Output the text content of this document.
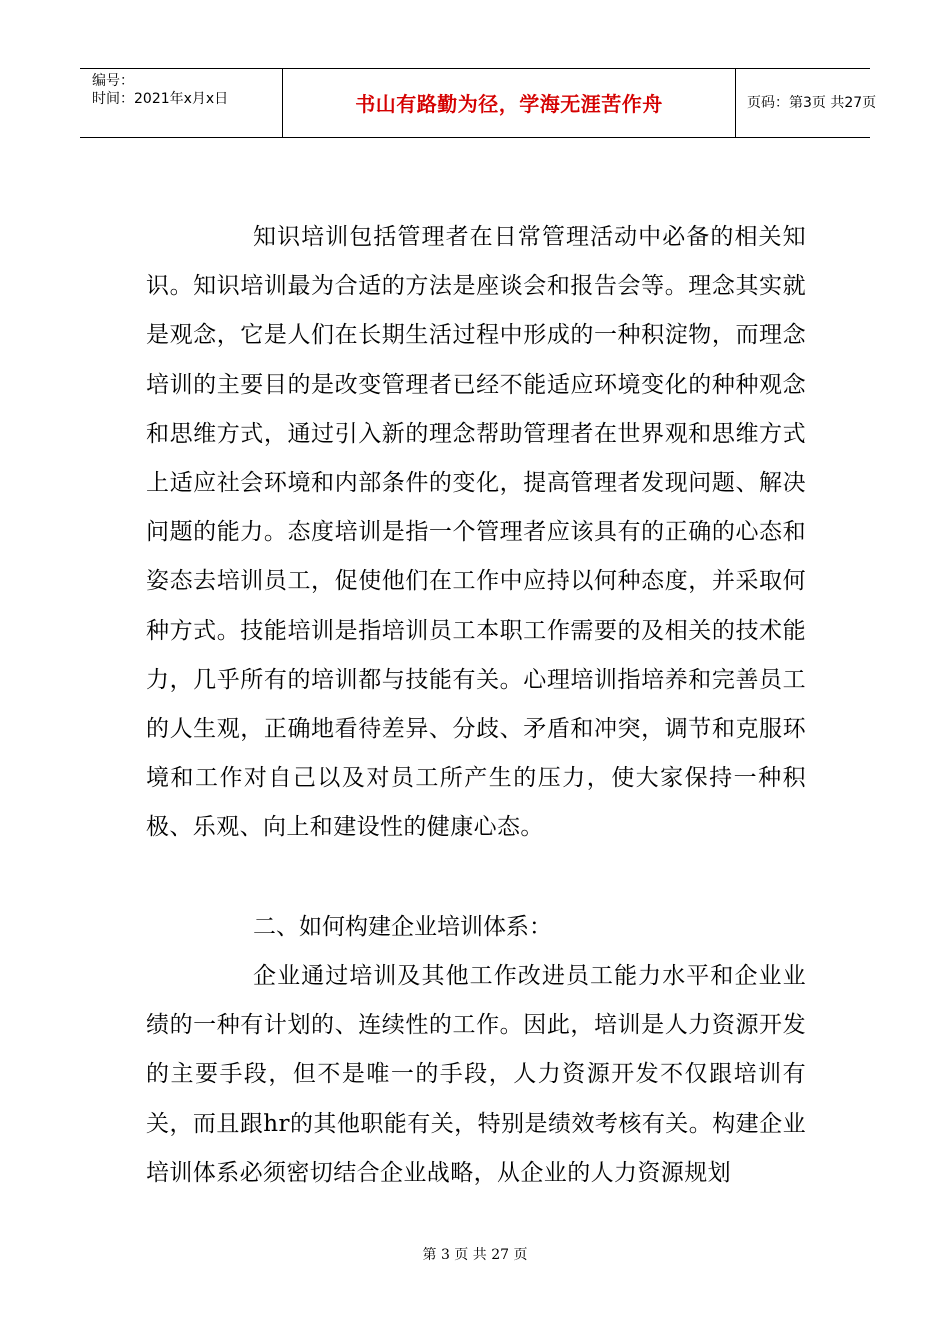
编号：
时间：2021年x月x日	书山有路勤为径，学海无涯苦作舟	页码：第3页 共27页
知识培训包括管理者在日常管理活动中必备的相关知识。知识培训最为合适的方法是座谈会和报告会等。理念其实就是观念，它是人们在长期生活过程中形成的一种积淀物，而理念培训的主要目的是改变管理者已经不能适应环境变化的种种观念和思维方式，通过引入新的理念帮助管理者在世界观和思维方式上适应社会环境和内部条件的变化，提高管理者发现问题、解决问题的能力。态度培训是指一个管理者应该具有的正确的心态和姿态去培训员工，促使他们在工作中应持以何种态度，并采取何种方式。技能培训是指培训员工本职工作需要的及相关的技术能力，几乎所有的培训都与技能有关。心理培训指培养和完善员工的人生观，正确地看待差异、分歧、矛盾和冲突，调节和克服环境和工作对自己以及对员工所产生的压力，使大家保持一种积极、乐观、向上和建设性的健康心态。
二、如何构建企业培训体系：
企业通过培训及其他工作改进员工能力水平和企业业绩的一种有计划的、连续性的工作。因此，培训是人力资源开发的主要手段，但不是唯一的手段，人力资源开发不仅跟培训有关，而且跟hr的其他职能有关，特别是绩效考核有关。构建企业培训体系必须密切结合企业战略，从企业的人力资源规划
第 3 页 共 27 页
